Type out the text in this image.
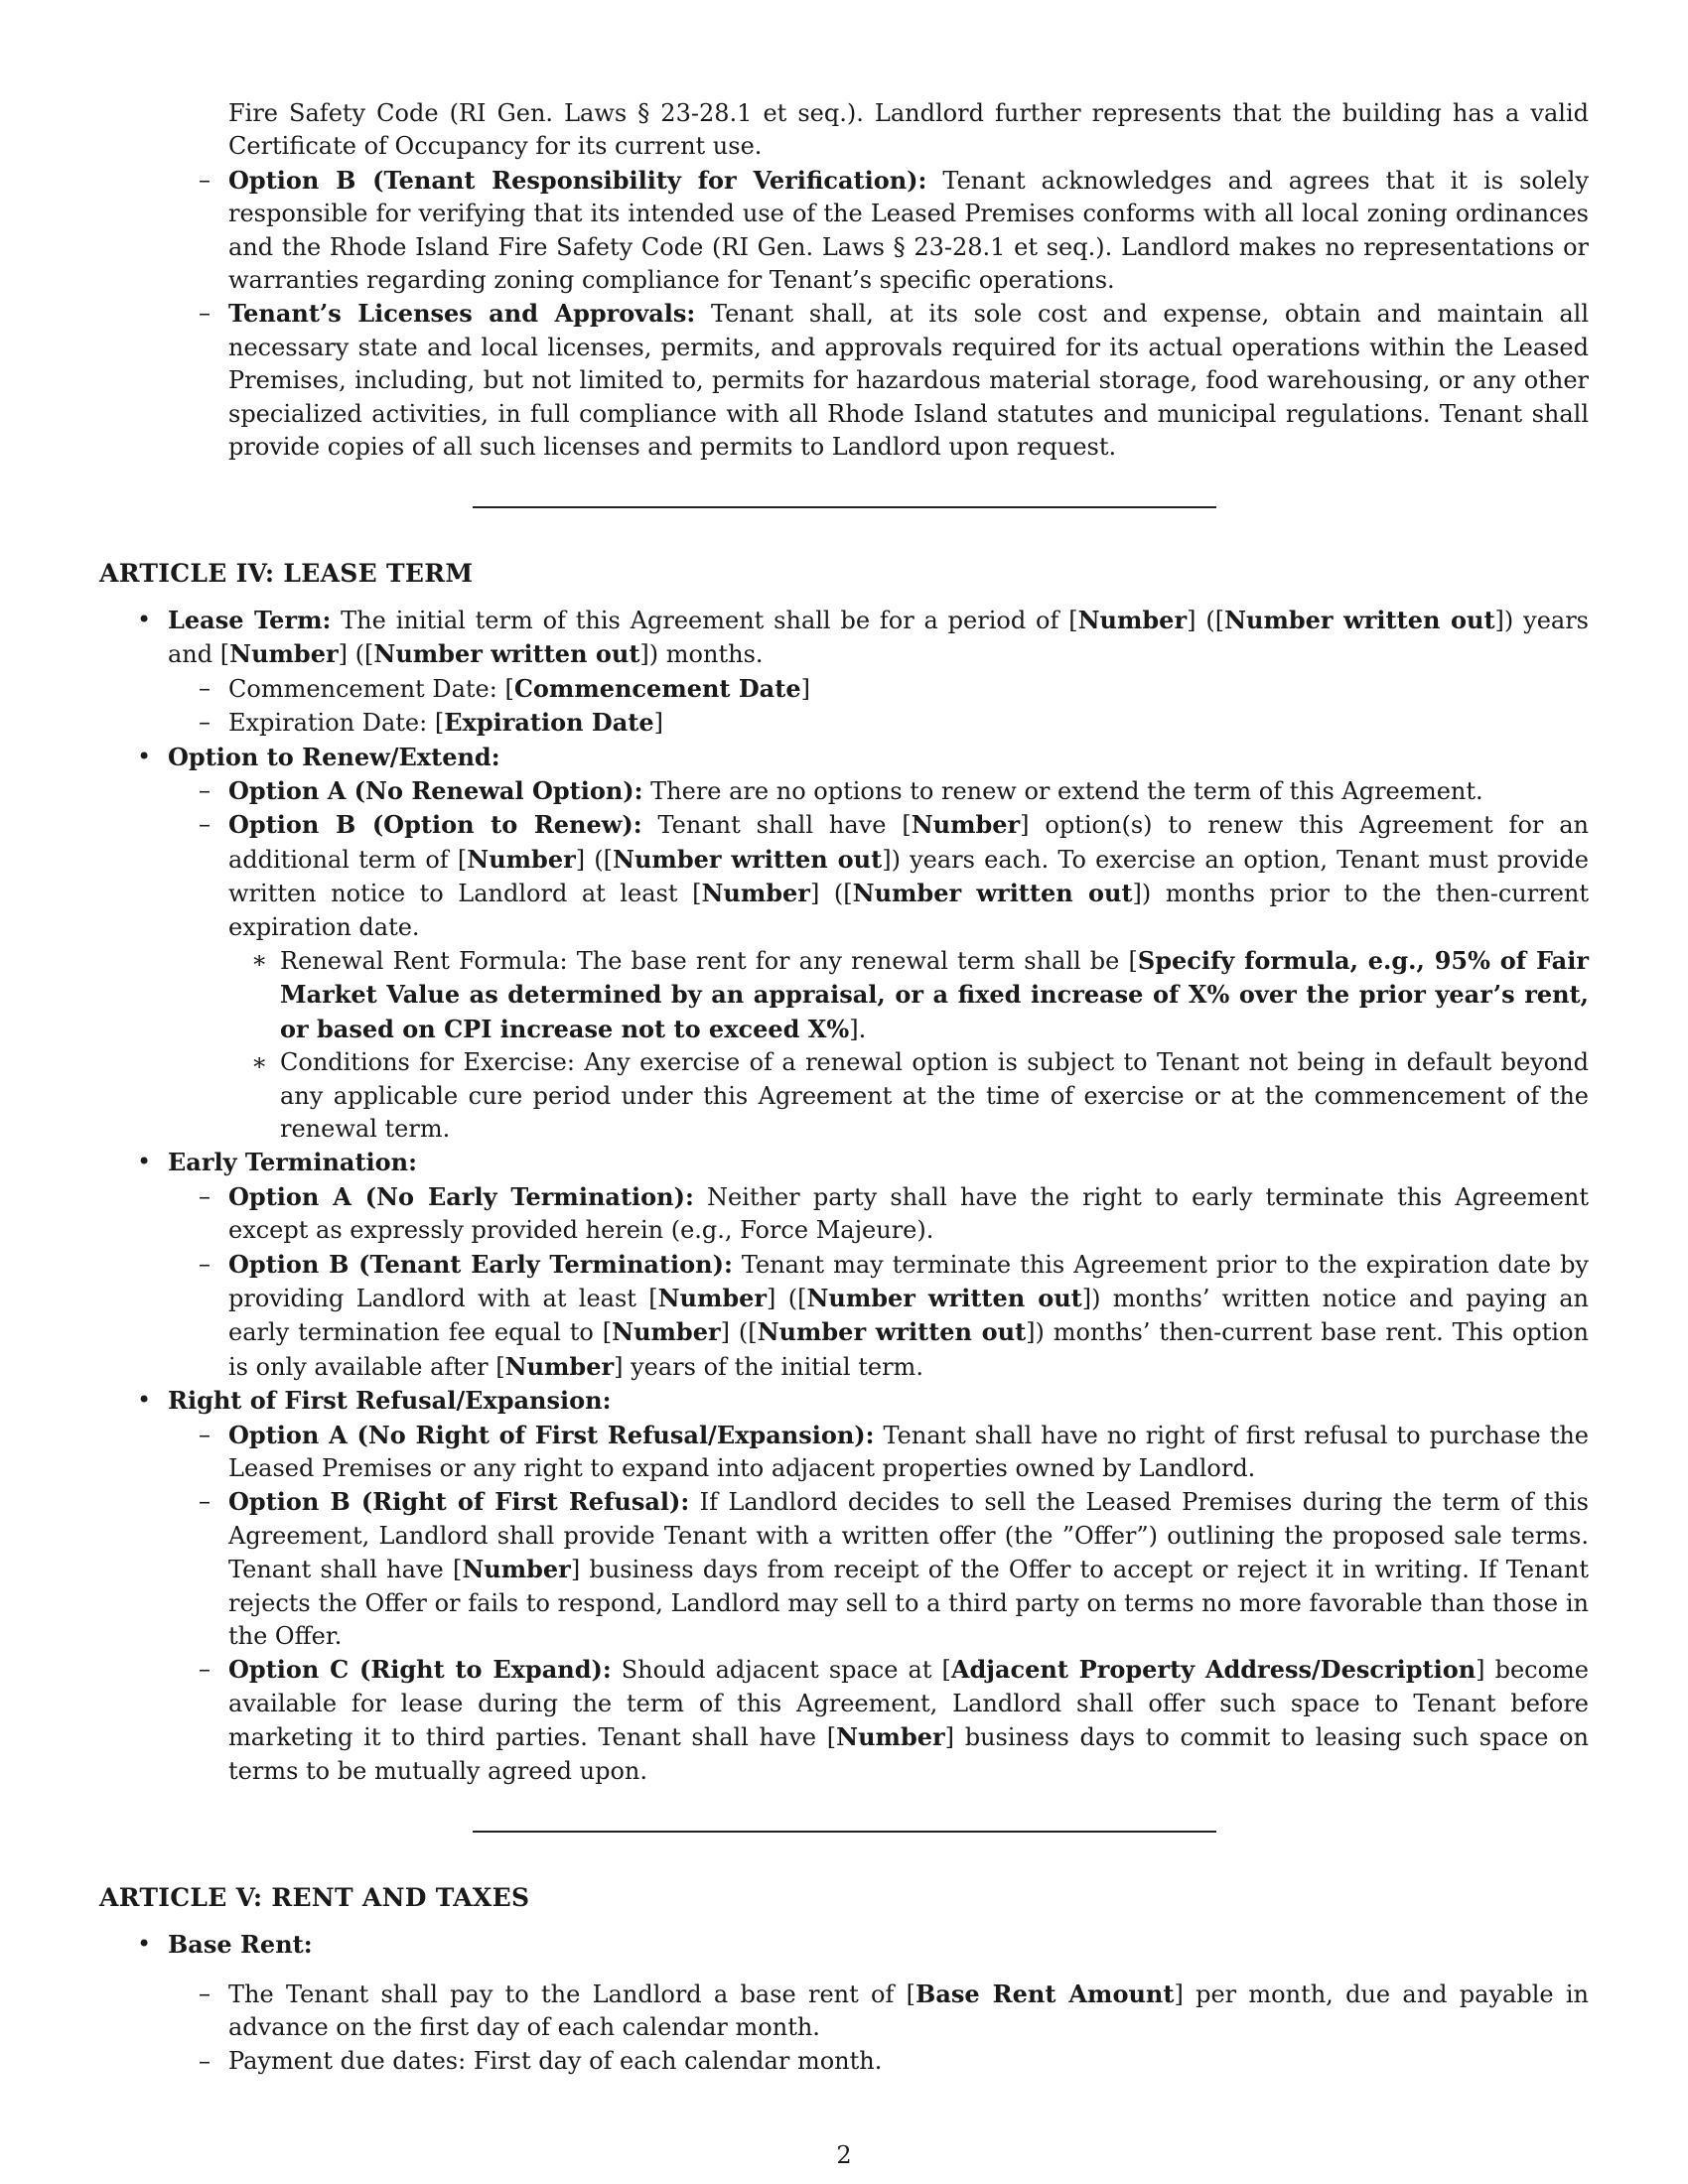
Fire Safety Code (RI Gen. Laws § 23-28.1 et seq.). Landlord further represents that the building has a valid Certificate of Occupancy for its current use.

– Option B (Tenant Responsibility for Verification): Tenant acknowledges and agrees that it is solely responsible for verifying that its intended use of the Leased Premises conforms with all local zoning ordinances and the Rhode Island Fire Safety Code (RI Gen. Laws § 23-28.1 et seq.). Landlord makes no representations or warranties regarding zoning compliance for Tenant’s specific operations.

– Tenant’s Licenses and Approvals: Tenant shall, at its sole cost and expense, obtain and maintain all necessary state and local licenses, permits, and approvals required for its actual operations within the Leased Premises, including, but not limited to, permits for hazardous material storage, food warehousing, or any other specialized activities, in full compliance with all Rhode Island statutes and municipal regulations. Tenant shall provide copies of all such licenses and permits to Landlord upon request.

ARTICLE IV: LEASE TERM

• Lease Term: The initial term of this Agreement shall be for a period of [Number] ([Number written out]) years and [Number] ([Number written out]) months.

– Commencement Date: [Commencement Date]

– Expiration Date: [Expiration Date]

• Option to Renew/Extend:

– Option A (No Renewal Option): There are no options to renew or extend the term of this Agreement.

– Option B (Option to Renew): Tenant shall have [Number] option(s) to renew this Agreement for an additional term of [Number] ([Number written out]) years each. To exercise an option, Tenant must provide written notice to Landlord at least [Number] ([Number written out]) months prior to the then-current expiration date.

∗ Renewal Rent Formula: The base rent for any renewal term shall be [Specify formula, e.g., 95% of Fair Market Value as determined by an appraisal, or a fixed increase of X% over the prior year’s rent, or based on CPI increase not to exceed X%].

∗ Conditions for Exercise: Any exercise of a renewal option is subject to Tenant not being in default beyond any applicable cure period under this Agreement at the time of exercise or at the commencement of the renewal term.

• Early Termination:

– Option A (No Early Termination): Neither party shall have the right to early terminate this Agreement except as expressly provided herein (e.g., Force Majeure).

– Option B (Tenant Early Termination): Tenant may terminate this Agreement prior to the expiration date by providing Landlord with at least [Number] ([Number written out]) months’ written notice and paying an early termination fee equal to [Number] ([Number written out]) months’ then-current base rent. This option is only available after [Number] years of the initial term.

• Right of First Refusal/Expansion:

– Option A (No Right of First Refusal/Expansion): Tenant shall have no right of first refusal to purchase the Leased Premises or any right to expand into adjacent properties owned by Landlord.

– Option B (Right of First Refusal): If Landlord decides to sell the Leased Premises during the term of this Agreement, Landlord shall provide Tenant with a written offer (the ”Offer”) outlining the proposed sale terms. Tenant shall have [Number] business days from receipt of the Offer to accept or reject it in writing. If Tenant rejects the Offer or fails to respond, Landlord may sell to a third party on terms no more favorable than those in the Offer.

– Option C (Right to Expand): Should adjacent space at [Adjacent Property Address/Description] become available for lease during the term of this Agreement, Landlord shall offer such space to Tenant before marketing it to third parties. Tenant shall have [Number] business days to commit to leasing such space on terms to be mutually agreed upon.

ARTICLE V: RENT AND TAXES

• Base Rent:

– The Tenant shall pay to the Landlord a base rent of [Base Rent Amount] per month, due and payable in advance on the first day of each calendar month.

– Payment due dates: First day of each calendar month.

2
